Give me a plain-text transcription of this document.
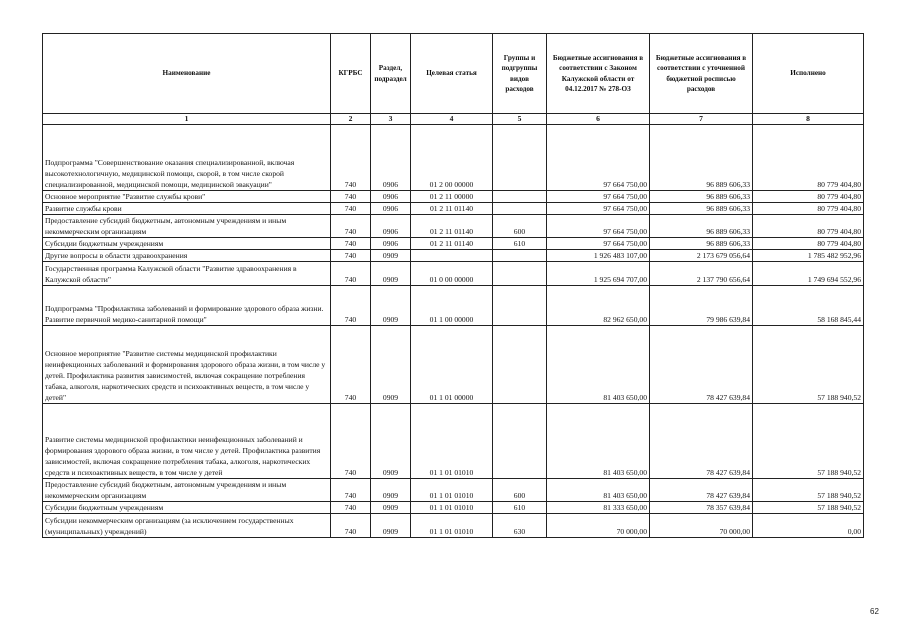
Наименование	КГРБС	Раздел, подраздел	Целевая статья	Группы и подгруппы видов расходов	Бюджетные ассигнования в соответствии с Законом Калужской области от 04.12.2017 № 278-ОЗ	Бюджетные ассигнования в соответствии с уточненной бюджетной росписью расходов	Исполнено
1	2	3	4	5	6	7	8
Подпрограмма "Совершенствование оказания специализированной, включая высокотехнологичную, медицинской помощи, скорой, в том числе скорой специализированной, медицинской помощи, медицинской эвакуации"	740	0906	01 2 00 00000		97 664 750,00	96 889 606,33	80 779 404,80
Основное мероприятие "Развитие службы крови"	740	0906	01 2 11 00000		97 664 750,00	96 889 606,33	80 779 404,80
Развитие службы крови	740	0906	01 2 11 01140		97 664 750,00	96 889 606,33	80 779 404,80
Предоставление субсидий бюджетным, автономным учреждениям и иным некоммерческим организациям	740	0906	01 2 11 01140	600	97 664 750,00	96 889 606,33	80 779 404,80
Субсидии бюджетным учреждениям	740	0906	01 2 11 01140	610	97 664 750,00	96 889 606,33	80 779 404,80
Другие вопросы в области здравоохранения	740	0909			1 926 483 107,00	2 173 679 056,64	1 785 482 952,96
Государственная программа Калужской области "Развитие здравоохранения в Калужской области"	740	0909	01 0 00 00000		1 925 694 707,00	2 137 790 656,64	1 749 694 552,96
Подпрограмма "Профилактика заболеваний и формирование здорового образа жизни. Развитие первичной медико-санитарной помощи"	740	0909	01 1 00 00000		82 962 650,00	79 986 639,84	58 168 845,44
Основное мероприятие "Развитие системы медицинской профилактики неинфекционных заболеваний и формирования здорового образа жизни, в том числе у детей. Профилактика развития зависимостей, включая сокращение потребления табака, алкоголя, наркотических средств и психоактивных веществ, в том числе у детей"	740	0909	01 1 01 00000		81 403 650,00	78 427 639,84	57 188 940,52
Развитие системы медицинской профилактики неинфекционных заболеваний и формирования здорового образа жизни, в том числе у детей. Профилактика развития зависимостей, включая сокращение потребления табака, алкоголя, наркотических средств и психоактивных веществ, в том числе у детей	740	0909	01 1 01 01010		81 403 650,00	78 427 639,84	57 188 940,52
Предоставление субсидий бюджетным, автономным учреждениям и иным некоммерческим организациям	740	0909	01 1 01 01010	600	81 403 650,00	78 427 639,84	57 188 940,52
Субсидии бюджетным учреждениям	740	0909	01 1 01 01010	610	81 333 650,00	78 357 639,84	57 188 940,52
Субсидии некоммерческим организациям (за исключением государственных (муниципальных) учреждений)	740	0909	01 1 01 01010	630	70 000,00	70 000,00	0,00
62
